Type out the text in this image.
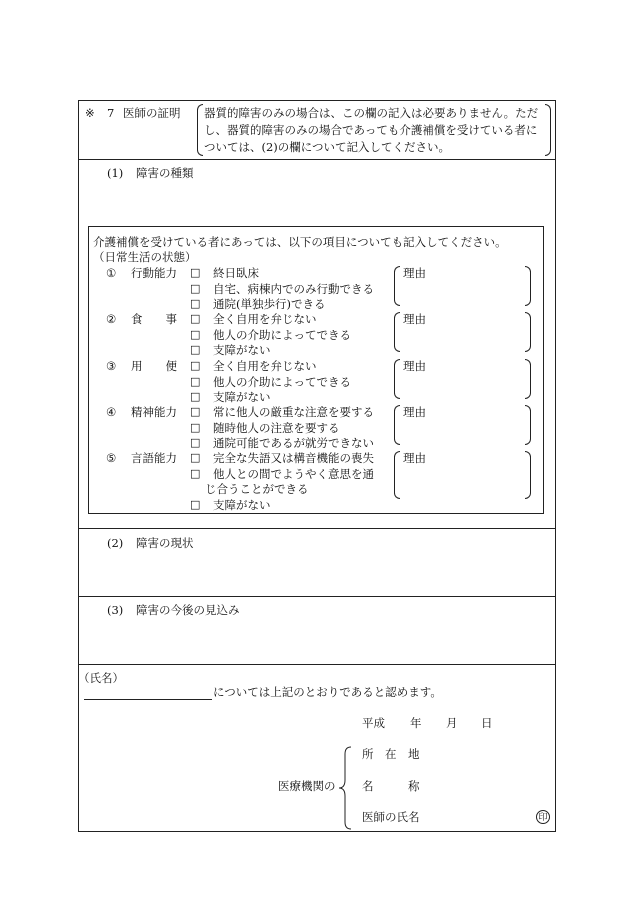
※ 7 医師の証明 器質的障害のみの場合は、この欄の記入は必要ありません。ただ
し、器質的障害のみの場合であっても介護補償を受けている者に
ついては、(2)の欄について記入してください。
(1) 障害の種類
介護補償を受けている者にあっては、以下の項目についても記入してください。
（日常生活の状態）
① 行動能力 □ 終日臥床
□ 自宅、病棟内でのみ行動できる
□ 通院(単独歩行)できる
理由
② 食　　事 □ 全く自用を弁じない
□ 他人の介助によってできる
□ 支障がない
理由
③ 用　　便 □ 全く自用を弁じない
□ 他人の介助によってできる
□ 支障がない
理由
④ 精神能力 □ 常に他人の厳重な注意を要する
□ 随時他人の注意を要する
□ 通院可能であるが就労できない
理由
⑤ 言語能力 □ 完全な失語又は構音機能の喪失
□ 他人との間でようやく意思を通
じ合うことができる
□ 支障がない
理由
(2) 障害の現状
(3) 障害の今後の見込み
（氏名）
については上記のとおりであると認めます。
平成 年 月 日
医療機関の
所　在　地
名　　　称
医師の氏名	印
